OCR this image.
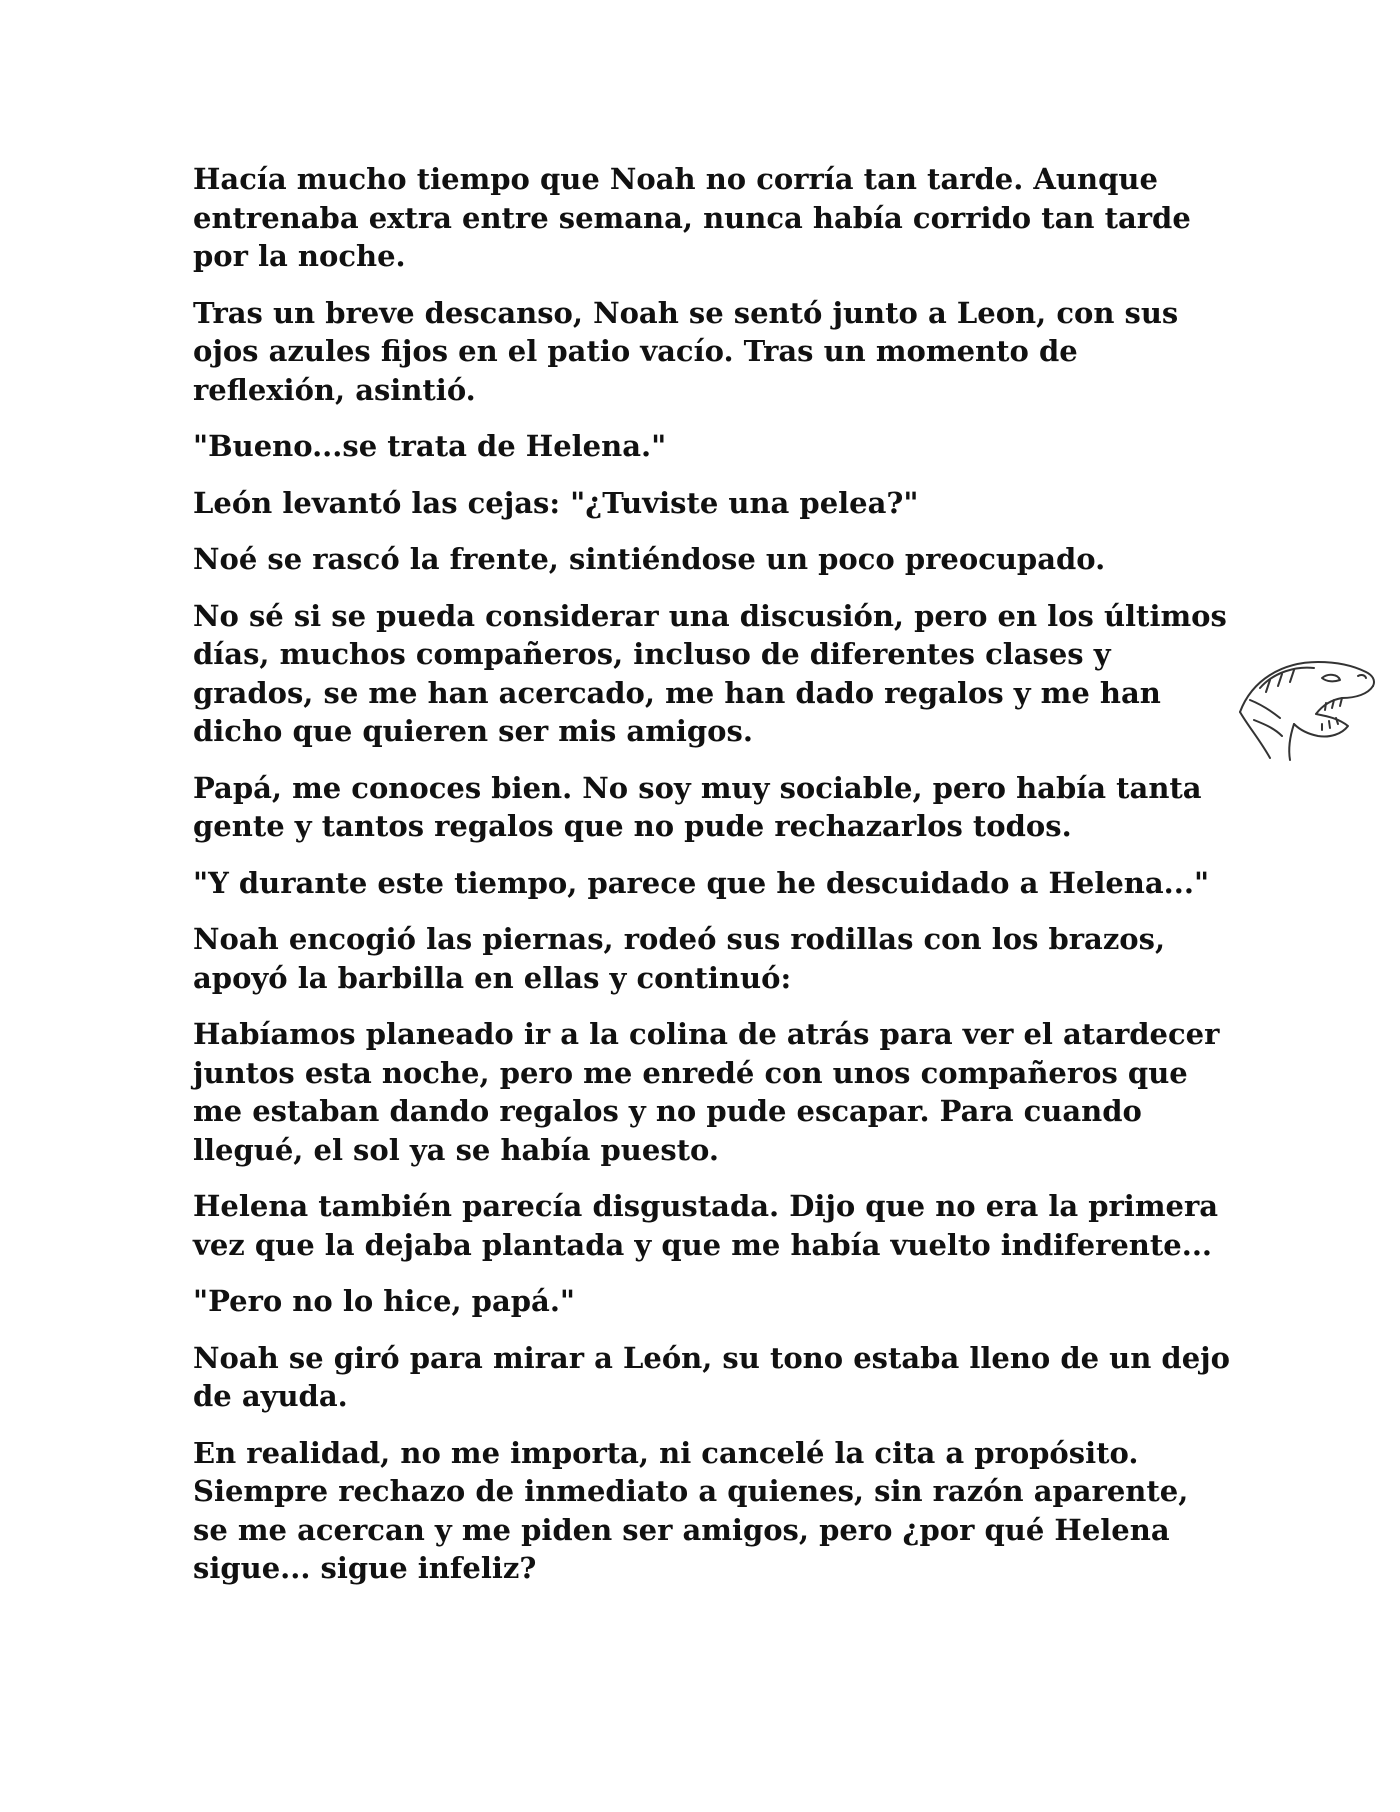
Hacía mucho tiempo que Noah no corría tan tarde. Aunque entrenaba extra entre semana, nunca había corrido tan tarde por la noche.

Tras un breve descanso, Noah se sentó junto a Leon, con sus ojos azules fijos en el patio vacío. Tras un momento de reflexión, asintió.

"Bueno...se trata de Helena."

León levantó las cejas: "¿Tuviste una pelea?"

Noé se rascó la frente, sintiéndose un poco preocupado.

No sé si se pueda considerar una discusión, pero en los últimos días, muchos compañeros, incluso de diferentes clases y grados, se me han acercado, me han dado regalos y me han dicho que quieren ser mis amigos.

Papá, me conoces bien. No soy muy sociable, pero había tanta gente y tantos regalos que no pude rechazarlos todos.

"Y durante este tiempo, parece que he descuidado a Helena..."

Noah encogió las piernas, rodeó sus rodillas con los brazos, apoyó la barbilla en ellas y continuó:

Habíamos planeado ir a la colina de atrás para ver el atardecer juntos esta noche, pero me enredé con unos compañeros que me estaban dando regalos y no pude escapar. Para cuando llegué, el sol ya se había puesto.

Helena también parecía disgustada. Dijo que no era la primera vez que la dejaba plantada y que me había vuelto indiferente...

"Pero no lo hice, papá."

Noah se giró para mirar a León, su tono estaba lleno de un dejo de ayuda.

En realidad, no me importa, ni cancelé la cita a propósito. Siempre rechazo de inmediato a quienes, sin razón aparente, se me acercan y me piden ser amigos, pero ¿por qué Helena sigue... sigue infeliz?
